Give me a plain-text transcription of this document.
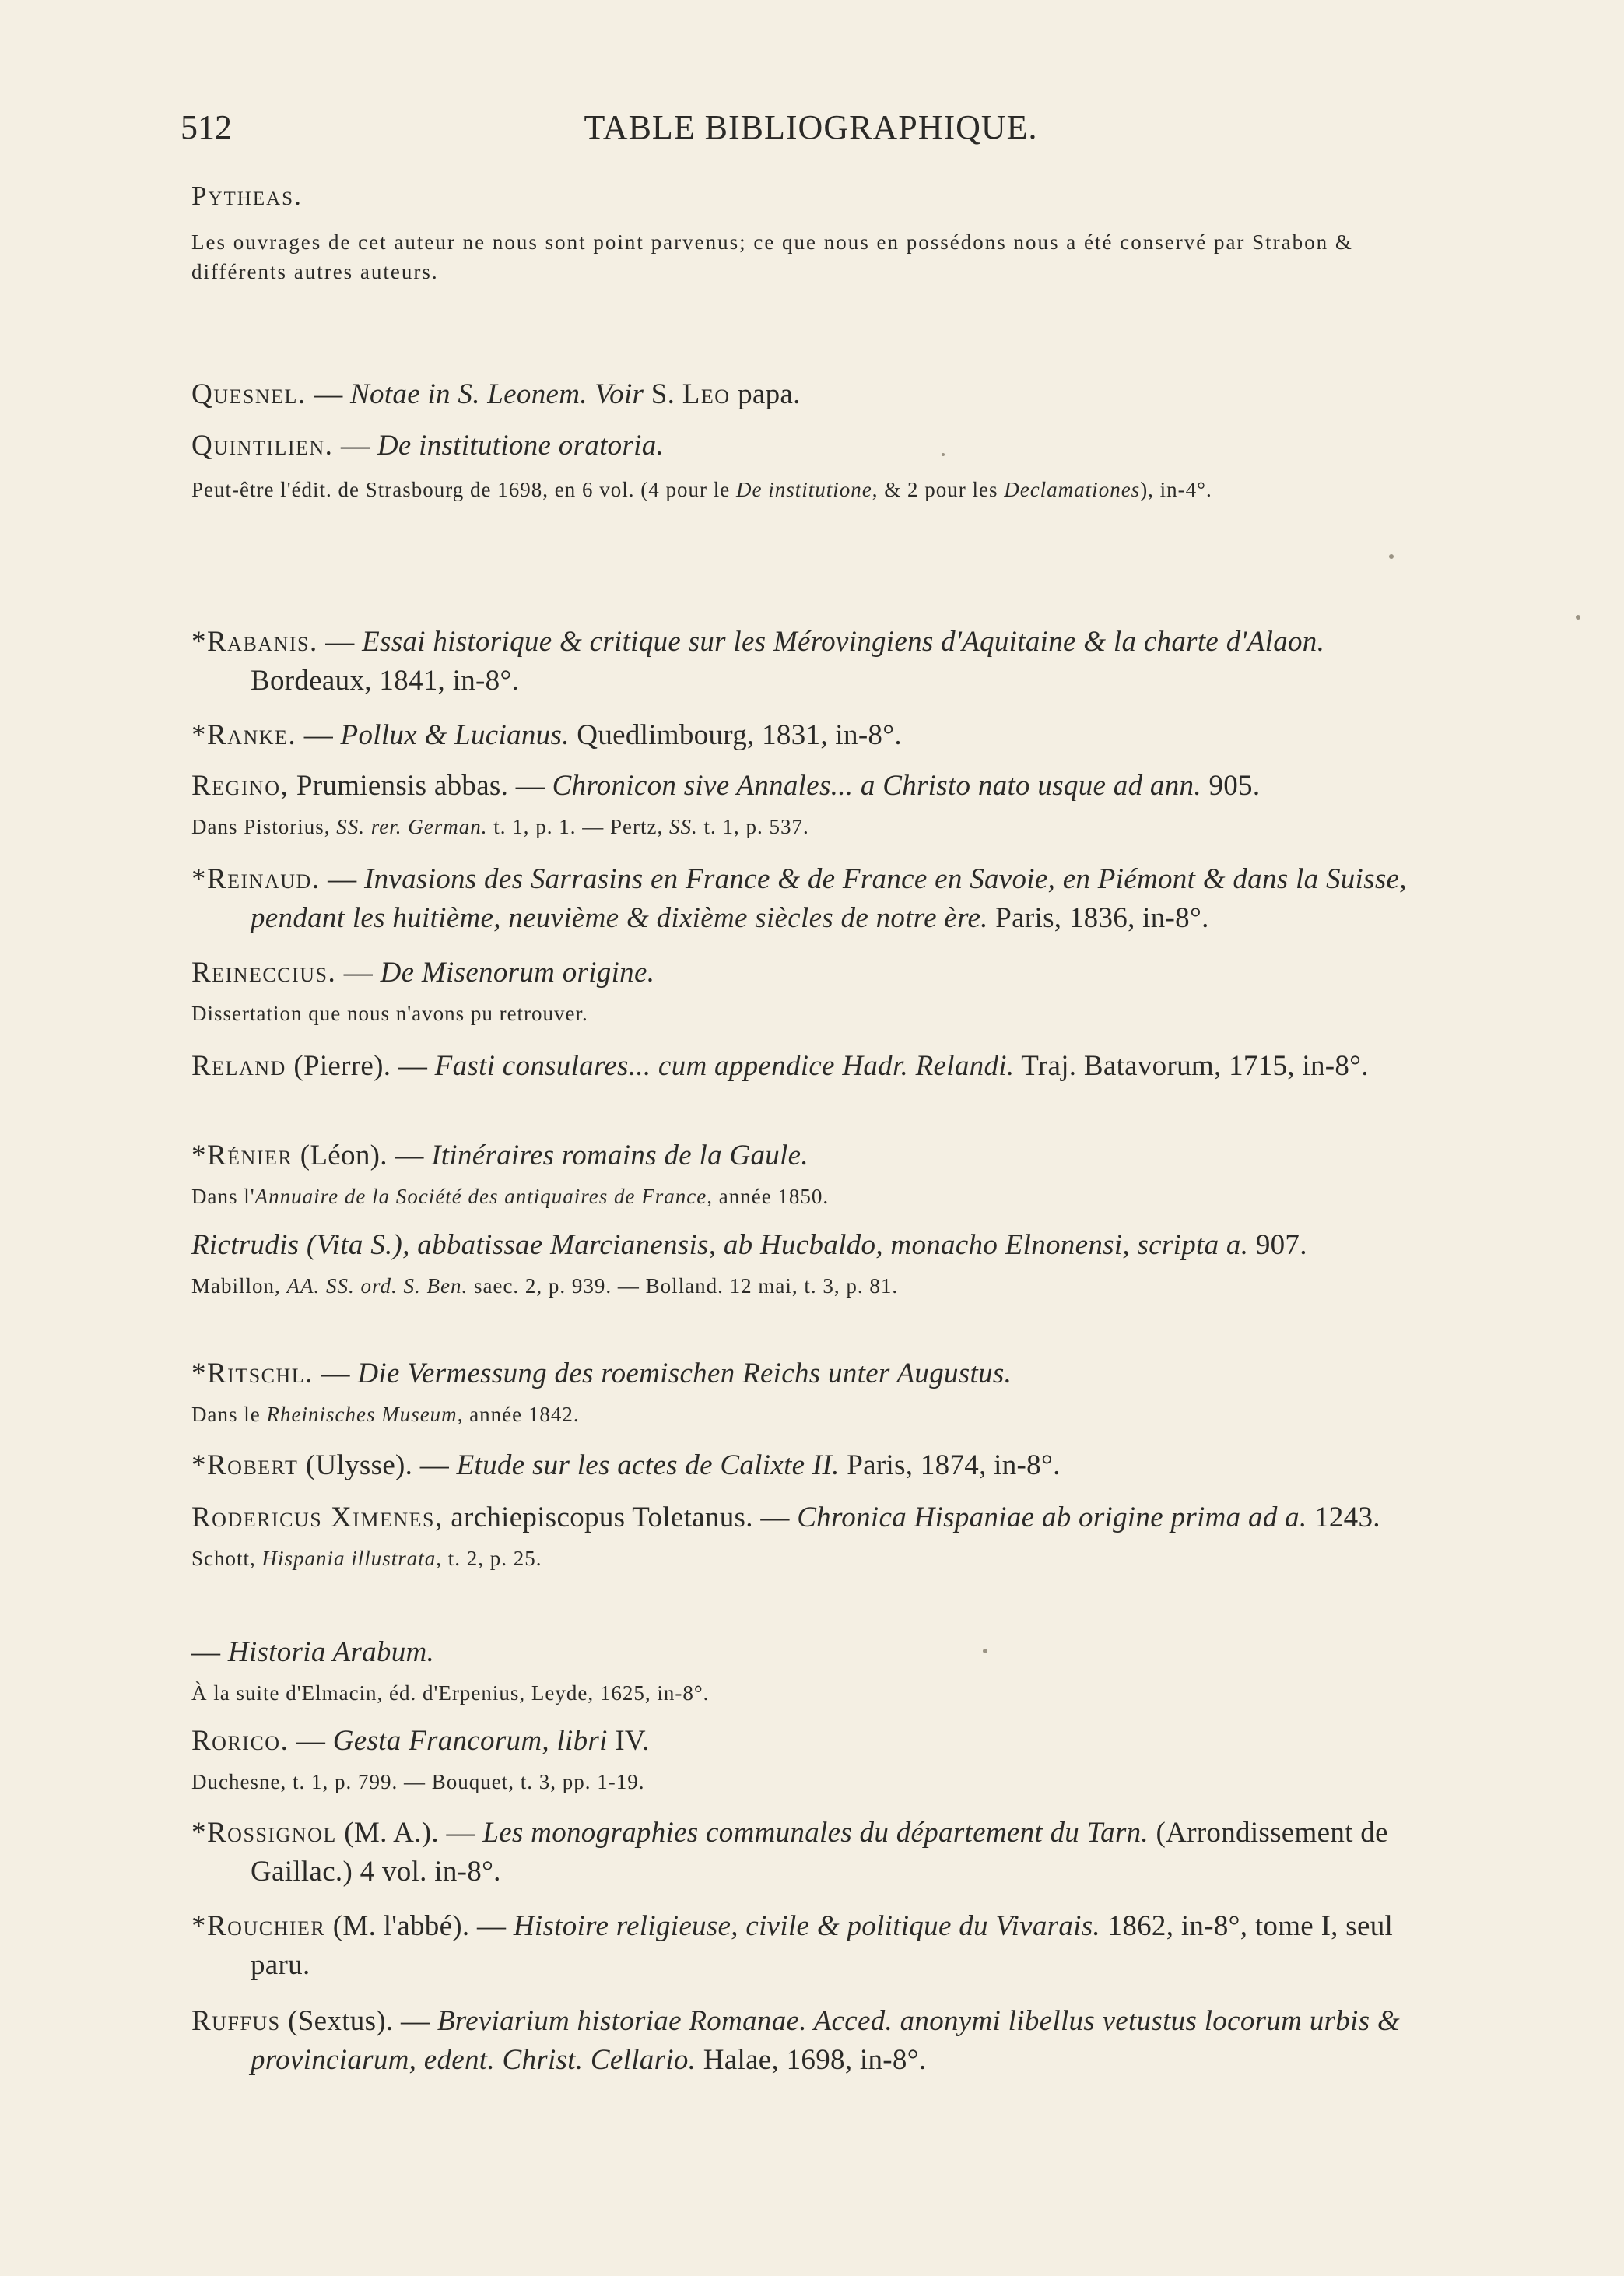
512	TABLE BIBLIOGRAPHIQUE.
Pytheas.
Les ouvrages de cet auteur ne nous sont point parvenus; ce que nous en possédons nous a été conservé par Strabon & différents autres auteurs.
Quesnel. — Notae in S. Leonem. Voir S. Leo papa.
Quintilien. — De institutione oratoria.
Peut-être l'édit. de Strasbourg de 1698, en 6 vol. (4 pour le De institutione, & 2 pour les Declamationes), in-4°.
*Rabanis. — Essai historique & critique sur les Mérovingiens d'Aquitaine & la charte d'Alaon. Bordeaux, 1841, in-8°.
*Ranke. — Pollux & Lucianus. Quedlimbourg, 1831, in-8°.
Regino, Prumiensis abbas. — Chronicon sive Annales... a Christo nato usque ad ann. 905.
Dans Pistorius, SS. rer. German. t. 1, p. 1. — Pertz, SS. t. 1, p. 537.
*Reinaud. — Invasions des Sarrasins en France & de France en Savoie, en Piémont & dans la Suisse, pendant les huitième, neuvième & dixième siècles de notre ère. Paris, 1836, in-8°.
Reineccius. — De Misenorum origine.
Dissertation que nous n'avons pu retrouver.
Reland (Pierre). — Fasti consulares... cum appendice Hadr. Relandi. Traj. Batavorum, 1715, in-8°.
*Rénier (Léon). — Itinéraires romains de la Gaule.
Dans l'Annuaire de la Société des antiquaires de France, année 1850.
Rictrudis (Vita S.), abbatissae Marcianensis, ab Hucbaldo, monacho Elnonensi, scripta a. 907.
Mabillon, AA. SS. ord. S. Ben. saec. 2, p. 939. — Bolland. 12 mai, t. 3, p. 81.
*Ritschl. — Die Vermessung des roemischen Reichs unter Augustus.
Dans le Rheinisches Museum, année 1842.
*Robert (Ulysse). — Etude sur les actes de Calixte II. Paris, 1874, in-8°.
Rodericus Ximenes, archiepiscopus Toletanus. — Chronica Hispaniae ab origine prima ad a. 1243.
Schott, Hispania illustrata, t. 2, p. 25.
— Historia Arabum.
À la suite d'Elmacin, éd. d'Erpenius, Leyde, 1625, in-8°.
Rorico. — Gesta Francorum, libri IV.
Duchesne, t. 1, p. 799. — Bouquet, t. 3, pp. 1-19.
*Rossignol (M. A.). — Les monographies communales du département du Tarn. (Arrondissement de Gaillac.) 4 vol. in-8°.
*Rouchier (M. l'abbé). — Histoire religieuse, civile & politique du Vivarais. 1862, in-8°, tome I, seul paru.
Ruffus (Sextus). — Breviarium historiae Romanae. Acced. anonymi libellus vetustus locorum urbis & provinciarum, edent. Christ. Cellario. Halae, 1698, in-8°.
